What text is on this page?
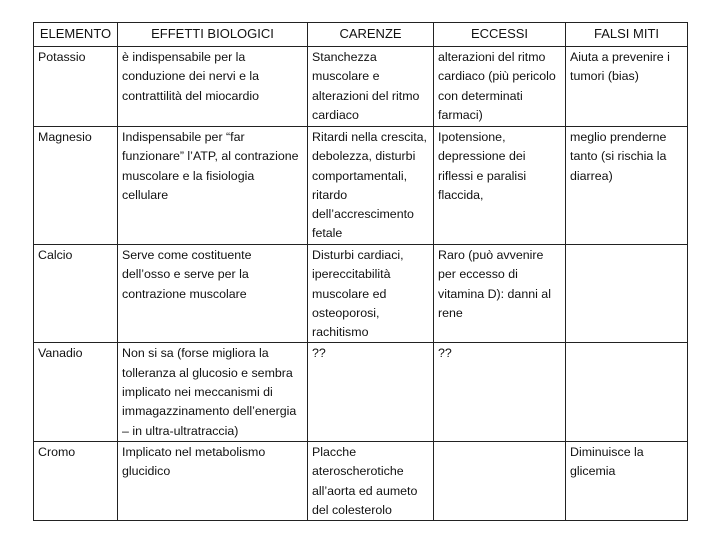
ELEMENTO	EFFETTI BIOLOGICI	CARENZE	ECCESSI	FALSI MITI
Potassio	è indispensabile per la conduzione dei nervi e la contrattilità del miocardio	Stanchezza muscolare e alterazioni del ritmo cardiaco	alterazioni del ritmo cardiaco (più pericolo con determinati farmaci)	Aiuta a prevenire i tumori (bias)
Magnesio	Indispensabile per “far funzionare” l’ATP, al contrazione muscolare e la fisiologia cellulare	Ritardi nella crescita, debolezza, disturbi comportamentali, ritardo dell’accrescimento fetale	Ipotensione, depressione dei riflessi e paralisi flaccida,	meglio prenderne tanto (si rischia la diarrea)
Calcio	Serve come costituente dell’osso e serve per la contrazione muscolare	Disturbi cardiaci, ipereccitabilità muscolare ed osteoporosi, rachitismo	Raro (può avvenire per eccesso di vitamina D): danni al rene	
Vanadio	Non si sa (forse migliora la tolleranza al glucosio e sembra implicato nei meccanismi di immagazzinamento dell’energia – in ultra-ultratraccia)	??	??	
Cromo	Implicato nel metabolismo glucidico	Placche ateroscherotiche all’aorta ed aumeto del colesterolo		Diminuisce la glicemia
